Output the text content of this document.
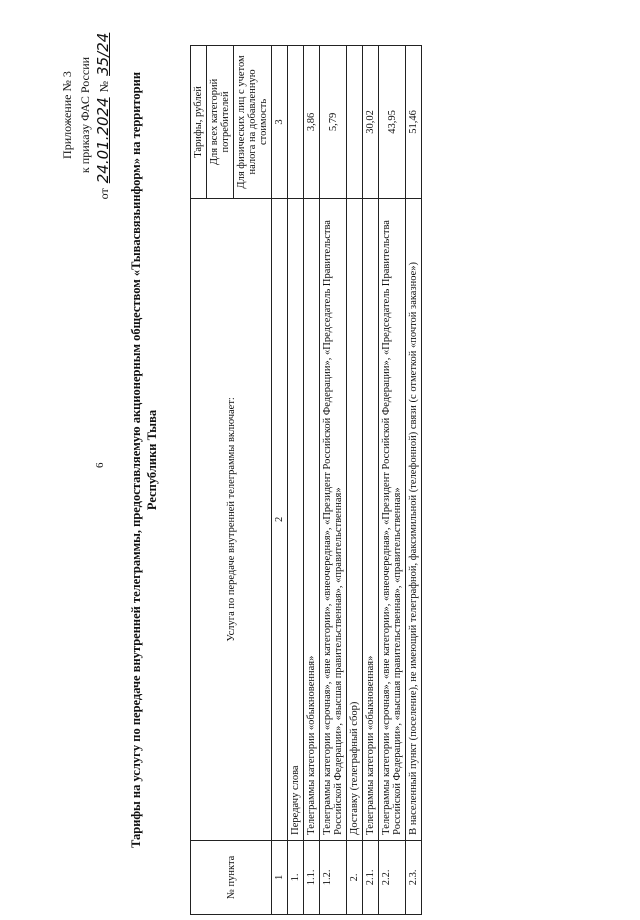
6
Приложение № 3 к приказу ФАС России
от 24.01.2024 № 35/24
Тарифы на услугу по передаче внутренней телеграммы, предоставляемую акционерным обществом «Тывасвязьинформ» на территории Республики Тыва
№ пункта	Услуга по передаче внутренней телеграммы включает:	Тарифы, рублей
		Для всех категорий потребителей
		Для физических лиц с учетом налога на добавленную стоимость
1	2	3
1.	Передачу слова	
1.1.	Телеграммы категории «обыкновенная»	3,86
1.2.	Телеграммы категории «срочная», «вне категории», «внеочередная», «Президент Российской Федерации», «Председатель Правительства Российской Федерации», «высшая правительственная», «правительственная»	5,79
2.	Доставку (телеграфный сбор)	
2.1.	Телеграммы категории «обыкновенная»	30,02
2.2.	Телеграммы категории «срочная», «вне категории», «внеочередная», «Президент Российской Федерации», «Председатель Правительства Российской Федерации», «высшая правительственная», «правительственная»	43,95
2.3.	В населенный пункт (поселение), не имеющий телеграфной, факсимильной (телефонной) связи (с отметкой «почтой заказное»)	51,46
